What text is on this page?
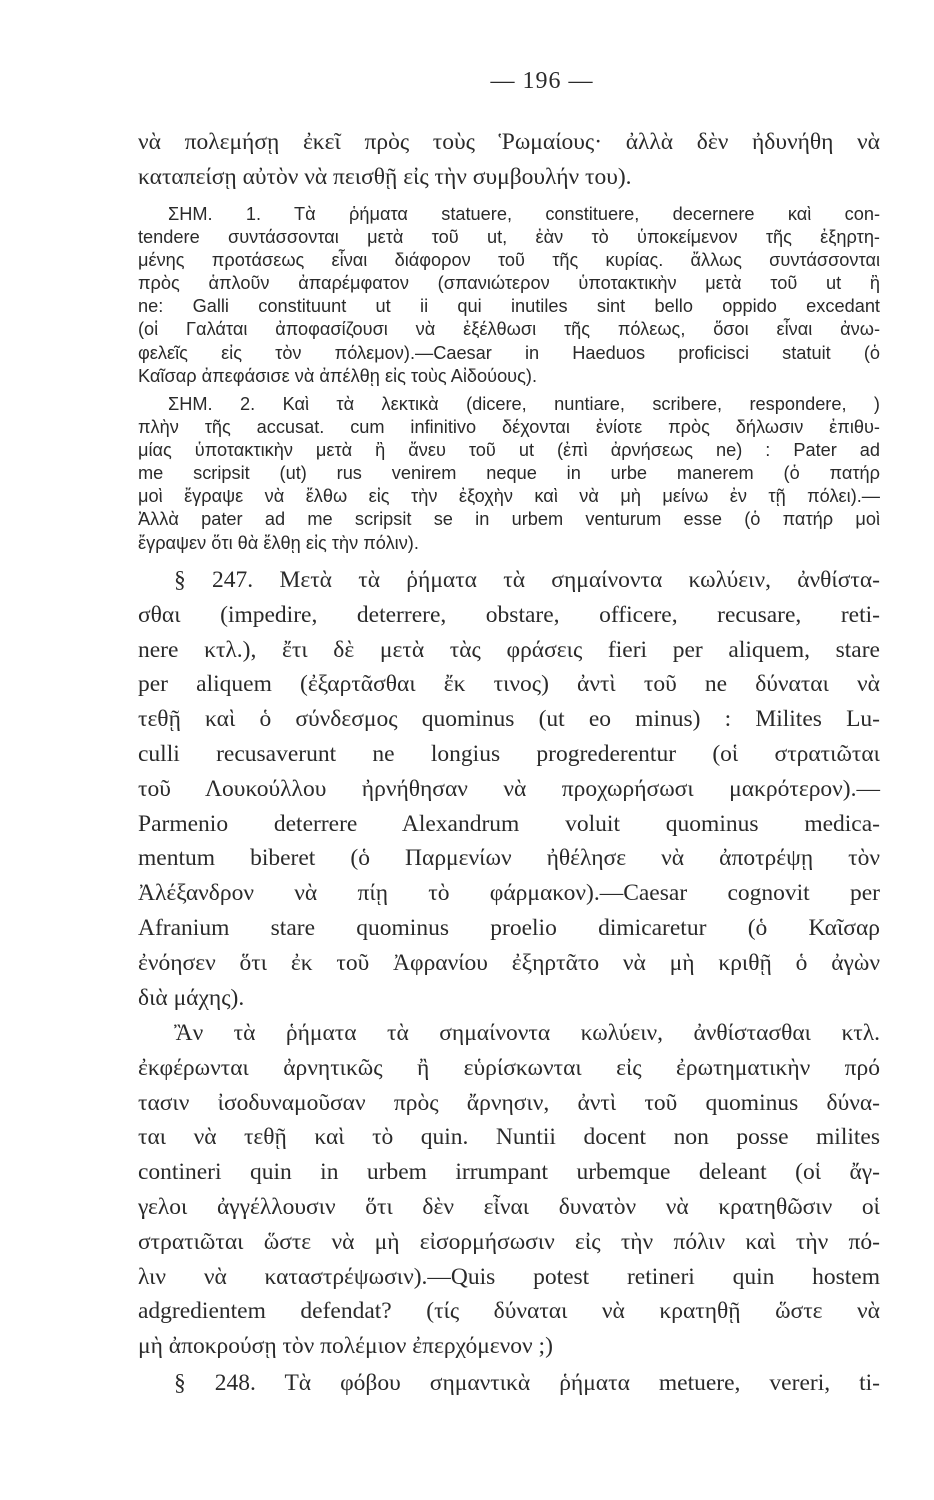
— 196 —
νὰ πολεμήσῃ ἐκεῖ πρὸς τοὺς Ῥωμαίους· ἀλλὰ δὲν ἠδυνήθη νὰ
καταπείσῃ αὐτὸν νὰ πεισθῇ εἰς τὴν συμβουλήν του).
ΣΗΜ. 1. Τὰ ῥήματα statuere, constituere, decernere καὶ con-
tendere συντάσσονται μετὰ τοῦ ut, ἐὰν τὸ ὑποκείμενον τῆς ἐξηρτη-
μένης προτάσεως εἶναι διάφορον τοῦ τῆς κυρίας. ἄλλως συντάσσονται
πρὸς ἁπλοῦν ἀπαρέμφατον (σπανιώτερον ὑποτακτικὴν μετὰ τοῦ ut ἢ
ne: Galli constituunt ut ii qui inutiles sint bello oppido excedant
(οἱ Γαλάται ἀποφασίζουσι νὰ ἐξέλθωσι τῆς πόλεως, ὅσοι εἶναι ἀνω-
φελεῖς εἰς τὸν πόλεμον).—Caesar in Haeduos proficisci statuit (ὁ
Καῖσαρ ἀπεφάσισε νὰ ἀπέλθῃ εἰς τοὺς Αἰδούους).
ΣΗΜ. 2. Καὶ τὰ λεκτικὰ (dicere, nuntiare, scribere, respondere, )
πλὴν τῆς accusat. cum infinitivo δέχονται ἐνίοτε πρὸς δήλωσιν ἐπιθυ-
μίας ὑποτακτικὴν μετὰ ἢ ἄνευ τοῦ ut (ἐπὶ ἀρνήσεως ne) : Pater ad
me scripsit (ut) rus venirem neque in urbe manerem (ὁ πατήρ
μοὶ ἔγραψε νὰ ἔλθω εἰς τὴν ἐξοχὴν καὶ νὰ μὴ μείνω ἐν τῇ πόλει).—
Ἀλλὰ pater ad me scripsit se in urbem venturum esse (ὁ πατήρ μοὶ
ἔγραψεν ὅτι θὰ ἔλθῃ εἰς τὴν πόλιν).
§ 247. Μετὰ τὰ ῥήματα τὰ σημαίνοντα κωλύειν, ἀνθίστα-
σθαι (impedire, deterrere, obstare, officere, recusare, reti-
nere κτλ.), ἔτι δὲ μετὰ τὰς φράσεις fieri per aliquem, stare
per aliquem (ἐξαρτᾶσθαι ἔκ τινος) ἀντὶ τοῦ ne δύναται νὰ
τεθῇ καὶ ὁ σύνδεσμος quominus (ut eo minus) : Milites Lu-
culli recusaverunt ne longius progrederentur (οἱ στρατιῶται
τοῦ Λουκούλλου ἠρνήθησαν νὰ προχωρήσωσι μακρότερον).—
Parmenio deterrere Alexandrum voluit quominus medica-
mentum biberet (ὁ Παρμενίων ἠθέλησε νὰ ἀποτρέψῃ τὸν
Ἀλέξανδρον νὰ πίῃ τὸ φάρμακον).—Caesar cognovit per
Afranium stare quominus proelio dimicaretur (ὁ Καῖσαρ
ἐνόησεν ὅτι ἐκ τοῦ Ἀφρανίου ἐξηρτᾶτο νὰ μὴ κριθῇ ὁ ἀγὼν
διὰ μάχης).
Ἂν τὰ ῥήματα τὰ σημαίνοντα κωλύειν, ἀνθίστασθαι κτλ.
ἐκφέρωνται ἀρνητικῶς ἢ εὑρίσκωνται εἰς ἐρωτηματικὴν πρό
τασιν ἰσοδυναμοῦσαν πρὸς ἄρνησιν, ἀντὶ τοῦ quominus δύνα-
ται νὰ τεθῇ καὶ τὸ quin. Nuntii docent non posse milites
contineri quin in urbem irrumpant urbemque deleant (οἱ ἄγ-
γελοι ἀγγέλλουσιν ὅτι δὲν εἶναι δυνατὸν νὰ κρατηθῶσιν οἱ
στρατιῶται ὥστε νὰ μὴ εἰσορμήσωσιν εἰς τὴν πόλιν καὶ τὴν πό-
λιν νὰ καταστρέψωσιν).—Quis potest retineri quin hostem
adgredientem defendat? (τίς δύναται νὰ κρατηθῇ ὥστε νὰ
μὴ ἀποκρούσῃ τὸν πολέμιον ἐπερχόμενον ;)
§ 248. Τὰ φόβου σημαντικὰ ῥήματα metuere, vereri, ti-
